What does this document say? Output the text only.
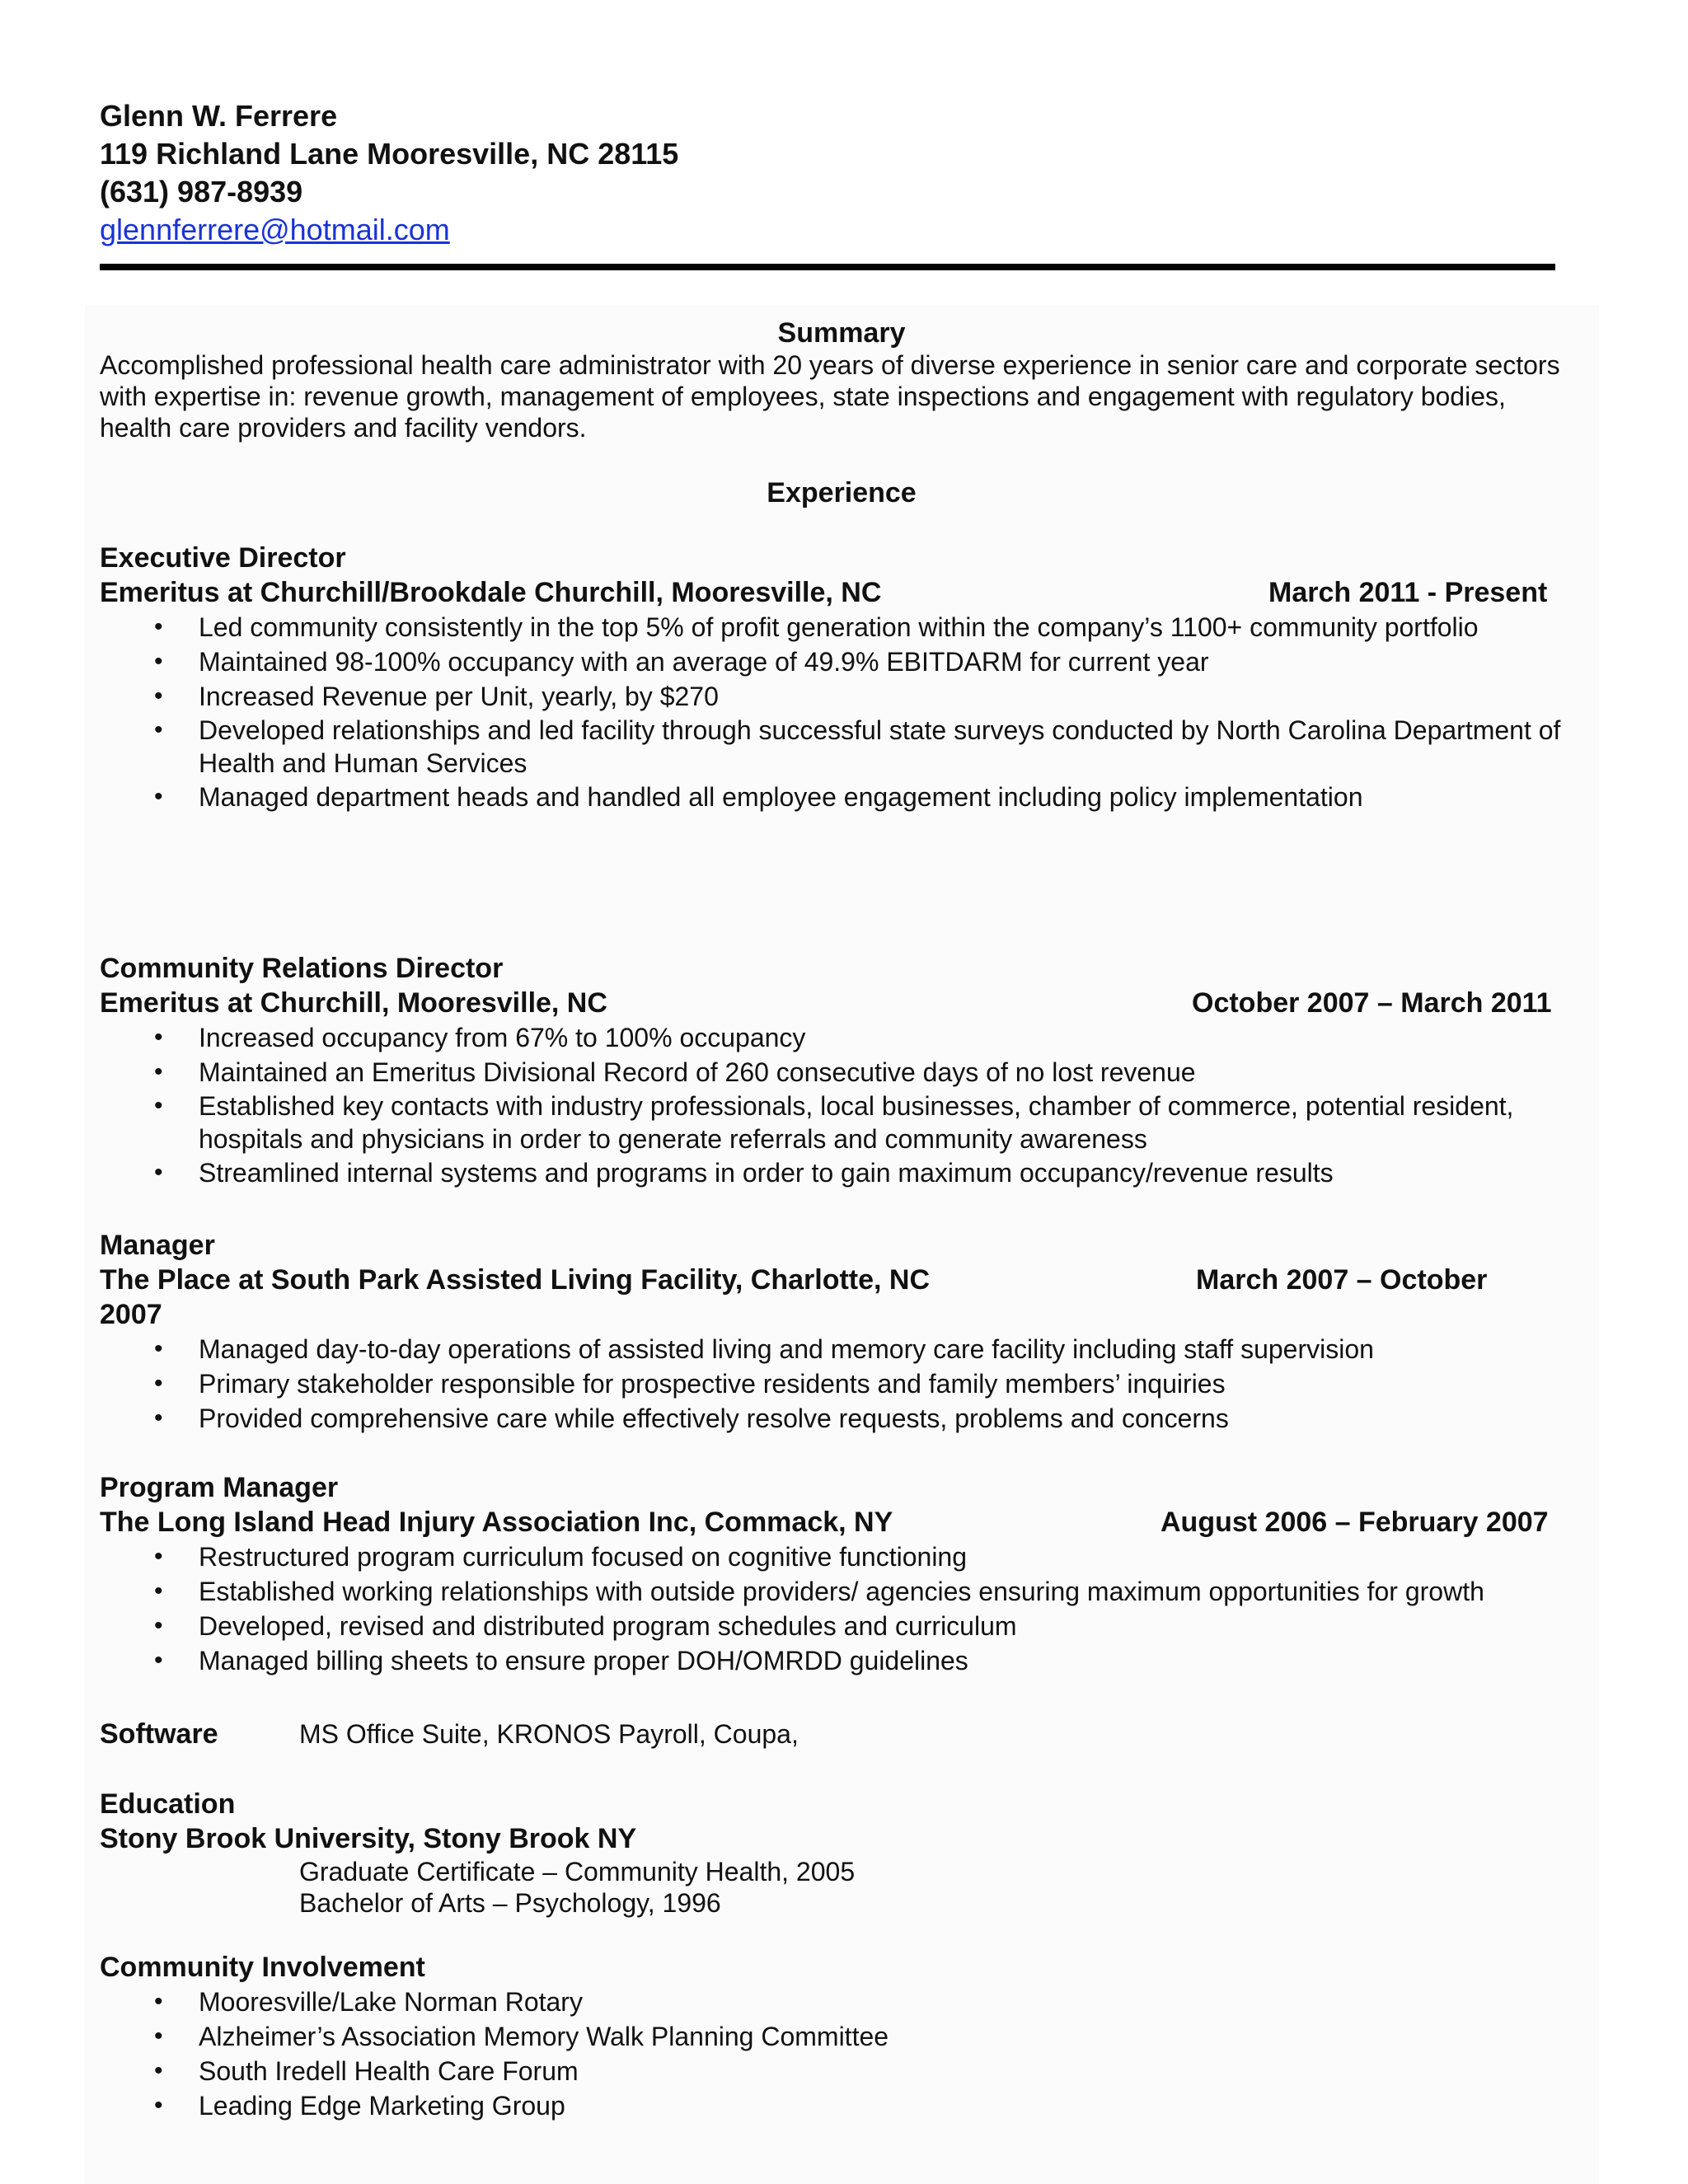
Glenn W. Ferrere
119 Richland Lane Mooresville, NC 28115
(631) 987-8939
glennferrere@hotmail.com
Summary
Accomplished professional health care administrator with 20 years of diverse experience in senior care and corporate sectors with expertise in: revenue growth, management of employees, state inspections and engagement with regulatory bodies, health care providers and facility vendors.
Experience
Executive Director
Emeritus at Churchill/Brookdale Churchill, Mooresville, NC	March 2011 - Present
• Led community consistently in the top 5% of profit generation within the company’s 1100+ community portfolio
• Maintained 98-100% occupancy with an average of 49.9% EBITDARM for current year
• Increased Revenue per Unit, yearly, by $270
• Developed relationships and led facility through successful state surveys conducted by North Carolina Department of Health and Human Services
• Managed department heads and handled all employee engagement including policy implementation
Community Relations Director
Emeritus at Churchill, Mooresville, NC	October 2007 – March 2011
• Increased occupancy from 67% to 100% occupancy
• Maintained an Emeritus Divisional Record of 260 consecutive days of no lost revenue
• Established key contacts with industry professionals, local businesses, chamber of commerce, potential resident, hospitals and physicians in order to generate referrals and community awareness
• Streamlined internal systems and programs in order to gain maximum occupancy/revenue results
Manager
The Place at South Park Assisted Living Facility, Charlotte, NC	March 2007 – October
2007
• Managed day-to-day operations of assisted living and memory care facility including staff supervision
• Primary stakeholder responsible for prospective residents and family members’ inquiries
• Provided comprehensive care while effectively resolve requests, problems and concerns
Program Manager
The Long Island Head Injury Association Inc, Commack, NY	August 2006 – February 2007
• Restructured program curriculum focused on cognitive functioning
• Established working relationships with outside providers/ agencies ensuring maximum opportunities for growth
• Developed, revised and distributed program schedules and curriculum
• Managed billing sheets to ensure proper DOH/OMRDD guidelines
Software	MS Office Suite, KRONOS Payroll, Coupa,
Education
Stony Brook University, Stony Brook NY
Graduate Certificate – Community Health, 2005
Bachelor of Arts – Psychology, 1996
Community Involvement
• Mooresville/Lake Norman Rotary
• Alzheimer’s Association Memory Walk Planning Committee
• South Iredell Health Care Forum
• Leading Edge Marketing Group
